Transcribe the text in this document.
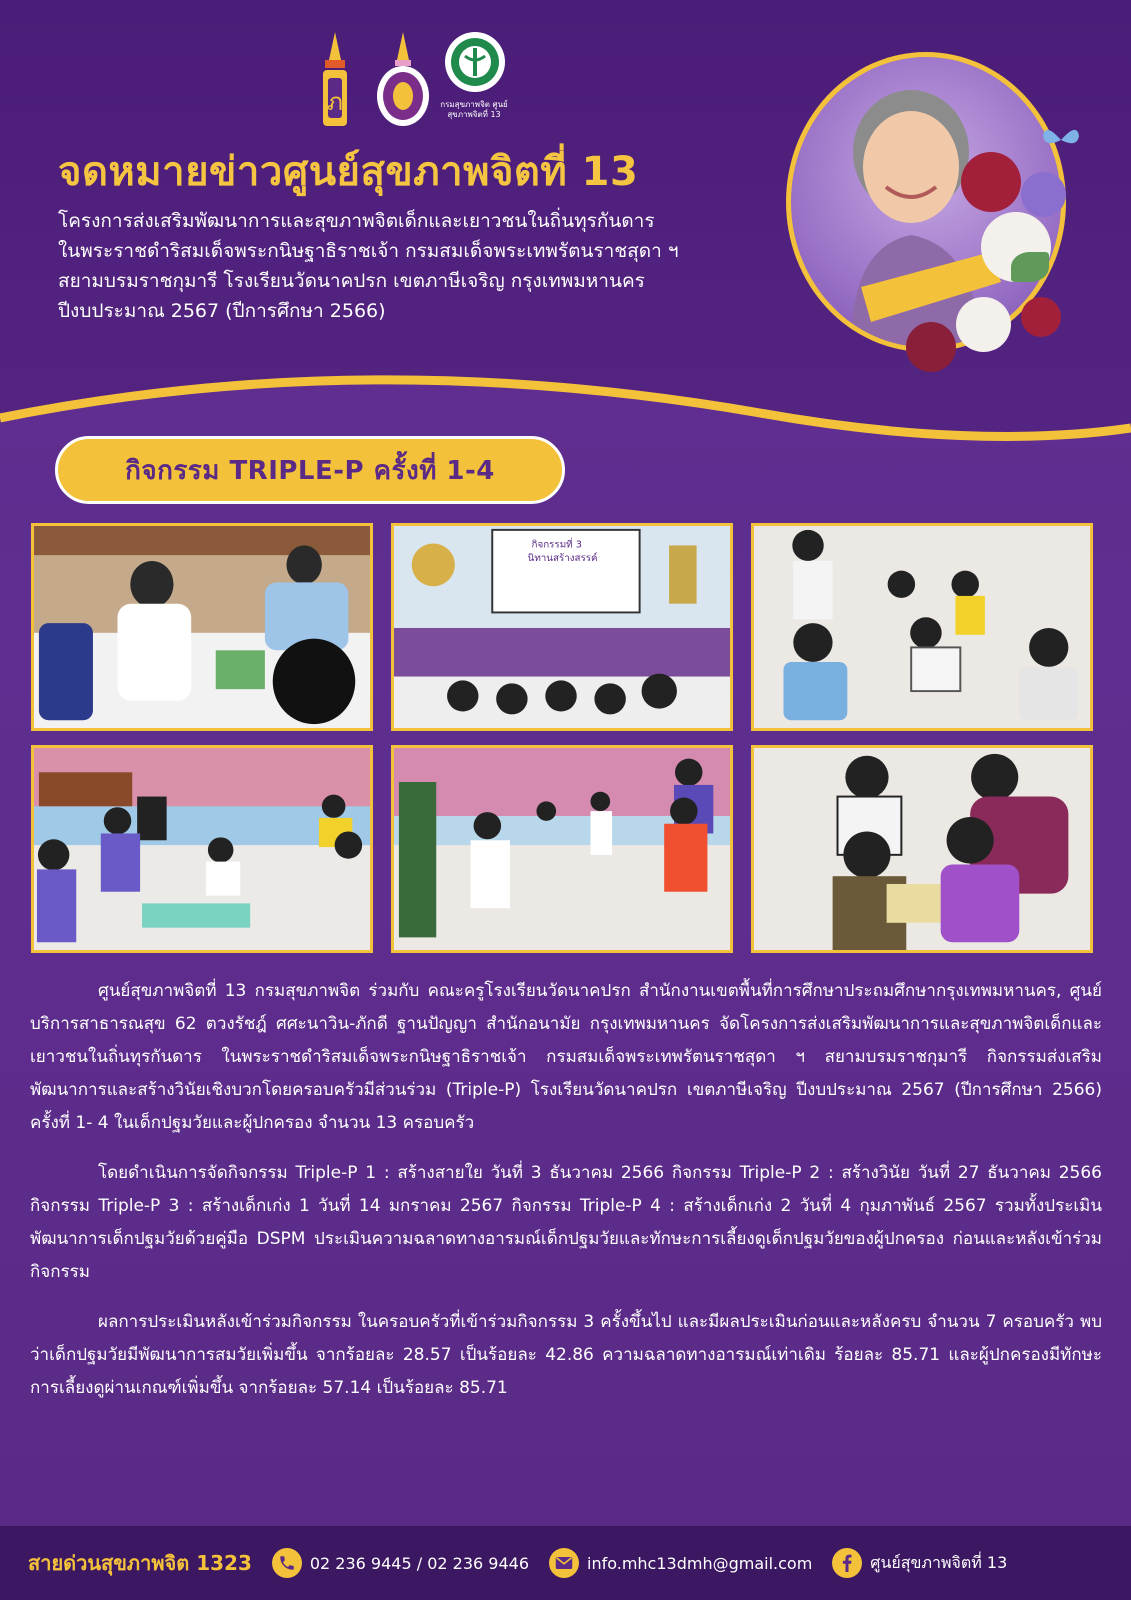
ภ	กรมสุขภาพจิต ศูนย์สุขภาพจิตที่ 13
จดหมายข่าวศูนย์สุขภาพจิตที่ 13
โครงการส่งเสริมพัฒนาการและสุขภาพจิตเด็กและเยาวชนในถิ่นทุรกันดาร
ในพระราชดำริสมเด็จพระกนิษฐาธิราชเจ้า กรมสมเด็จพระเทพรัตนราชสุดา ฯ
สยามบรมราชกุมารี โรงเรียนวัดนาคปรก เขตภาษีเจริญ กรุงเทพมหานคร
ปีงบประมาณ 2567 (ปีการศึกษา 2566)
กิจกรรม TRIPLE-P ครั้งที่ 1-4
กิจกรรมที่ 3
นิทานสร้างสรรค์

ศูนย์สุขภาพจิตที่ 13 กรมสุขภาพจิต ร่วมกับ คณะครูโรงเรียนวัดนาคปรก สำนักงานเขตพื้นที่การศึกษาประถมศึกษากรุงเทพมหานคร, ศูนย์บริการสาธารณสุข 62 ตวงรัชฎ์ ศศะนาวิน-ภักดี ฐานปัญญา สำนักอนามัย กรุงเทพมหานคร จัดโครงการส่งเสริมพัฒนาการและสุขภาพจิตเด็กและเยาวชนในถิ่นทุรกันดาร ในพระราชดำริสมเด็จพระกนิษฐาธิราชเจ้า กรมสมเด็จพระเทพรัตนราชสุดา ฯ สยามบรมราชกุมารี กิจกรรมส่งเสริมพัฒนาการและสร้างวินัยเชิงบวกโดยครอบครัวมีส่วนร่วม (Triple-P) โรงเรียนวัดนาคปรก เขตภาษีเจริญ ปีงบประมาณ 2567 (ปีการศึกษา 2566) ครั้งที่ 1- 4 ในเด็กปฐมวัยและผู้ปกครอง จำนวน 13 ครอบครัว

โดยดำเนินการจัดกิจกรรม Triple-P 1 : สร้างสายใย วันที่ 3 ธันวาคม 2566 กิจกรรม Triple-P 2 : สร้างวินัย วันที่ 27 ธันวาคม 2566 กิจกรรม Triple-P 3 : สร้างเด็กเก่ง 1 วันที่ 14 มกราคม 2567 กิจกรรม Triple-P 4 : สร้างเด็กเก่ง 2 วันที่ 4 กุมภาพันธ์ 2567 รวมทั้งประเมินพัฒนาการเด็กปฐมวัยด้วยคู่มือ DSPM ประเมินความฉลาดทางอารมณ์เด็กปฐมวัยและทักษะการเลี้ยงดูเด็กปฐมวัยของผู้ปกครอง ก่อนและหลังเข้าร่วมกิจกรรม

ผลการประเมินหลังเข้าร่วมกิจกรรม ในครอบครัวที่เข้าร่วมกิจกรรม 3 ครั้งขึ้นไป และมีผลประเมินก่อนและหลังครบ จำนวน 7 ครอบครัว พบว่าเด็กปฐมวัยมีพัฒนาการสมวัยเพิ่มขึ้น จากร้อยละ 28.57 เป็นร้อยละ 42.86 ความฉลาดทางอารมณ์เท่าเดิม ร้อยละ 85.71 และผู้ปกครองมีทักษะการเลี้ยงดูผ่านเกณฑ์เพิ่มขึ้น จากร้อยละ 57.14 เป็นร้อยละ 85.71

สายด่วนสุขภาพจิต 1323	02 236 9445 / 02 236 9446	info.mhc13dmh@gmail.com	ศูนย์สุขภาพจิตที่ 13
